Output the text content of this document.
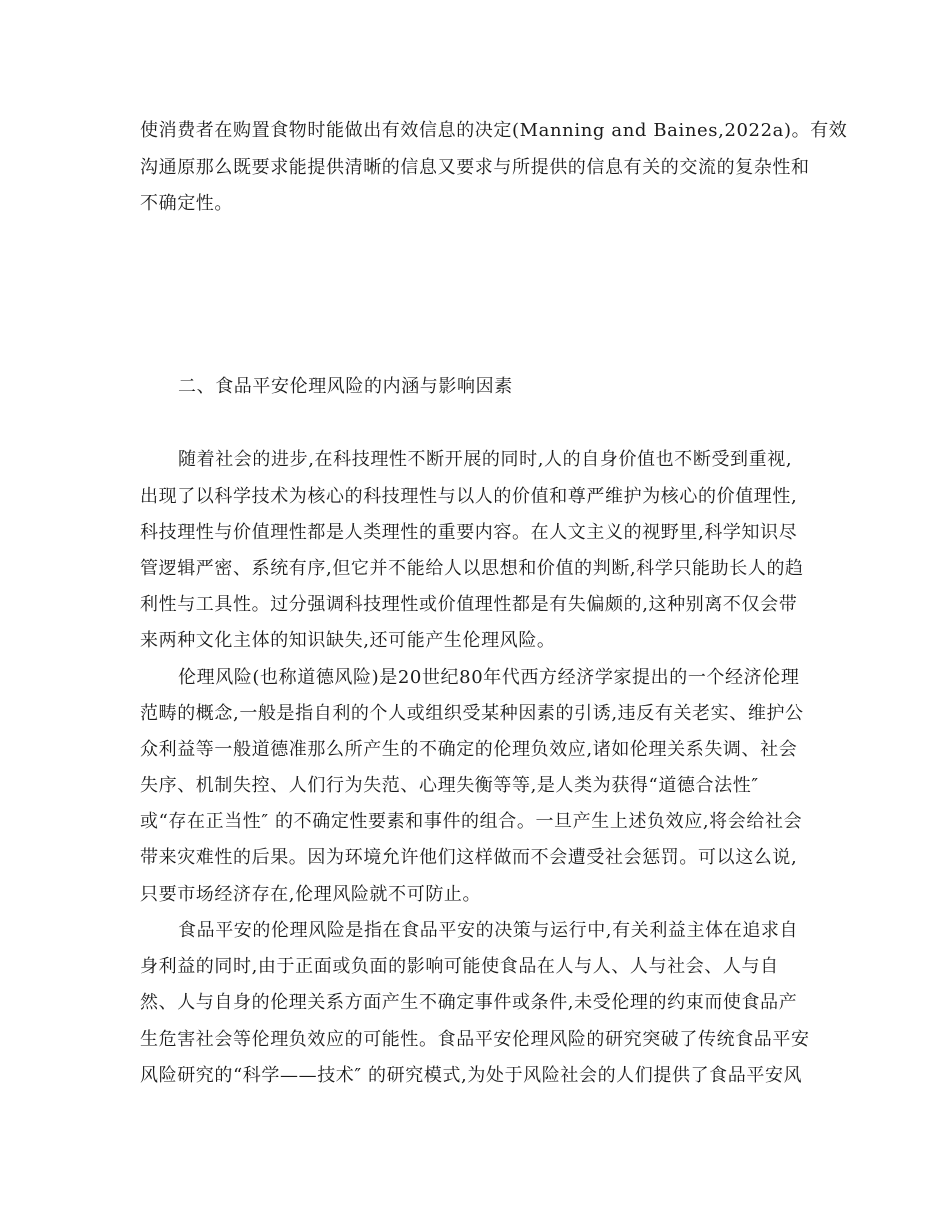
使消费者在购置食物时能做出有效信息的决定(Manning and Baines,2022a)。有效

沟通原那么既要求能提供清晰的信息又要求与所提供的信息有关的交流的复杂性和

不确定性。

二、食品平安伦理风险的内涵与影响因素

随着社会的进步,在科技理性不断开展的同时,人的自身价值也不断受到重视,

出现了以科学技术为核心的科技理性与以人的价值和尊严维护为核心的价值理性,

科技理性与价值理性都是人类理性的重要内容。在人文主义的视野里,科学知识尽

管逻辑严密、系统有序,但它并不能给人以思想和价值的判断,科学只能助长人的趋

利性与工具性。过分强调科技理性或价值理性都是有失偏颇的,这种别离不仅会带

来两种文化主体的知识缺失,还可能产生伦理风险。

伦理风险(也称道德风险)是20世纪80年代西方经济学家提出的一个经济伦理

范畴的概念,一般是指自利的个人或组织受某种因素的引诱,违反有关老实、维护公

众利益等一般道德准那么所产生的不确定的伦理负效应,诸如伦理关系失调、社会

失序、机制失控、人们行为失范、心理失衡等等,是人类为获得“道德合法性″

或“存在正当性″ 的不确定性要素和事件的组合。一旦产生上述负效应,将会给社会

带来灾难性的后果。因为环境允许他们这样做而不会遭受社会惩罚。可以这么说,

只要市场经济存在,伦理风险就不可防止。

食品平安的伦理风险是指在食品平安的决策与运行中,有关利益主体在追求自

身利益的同时,由于正面或负面的影响可能使食品在人与人、人与社会、人与自

然、人与自身的伦理关系方面产生不确定事件或条件,未受伦理的约束而使食品产

生危害社会等伦理负效应的可能性。食品平安伦理风险的研究突破了传统食品平安

风险研究的“科学——技术″ 的研究模式,为处于风险社会的人们提供了食品平安风
